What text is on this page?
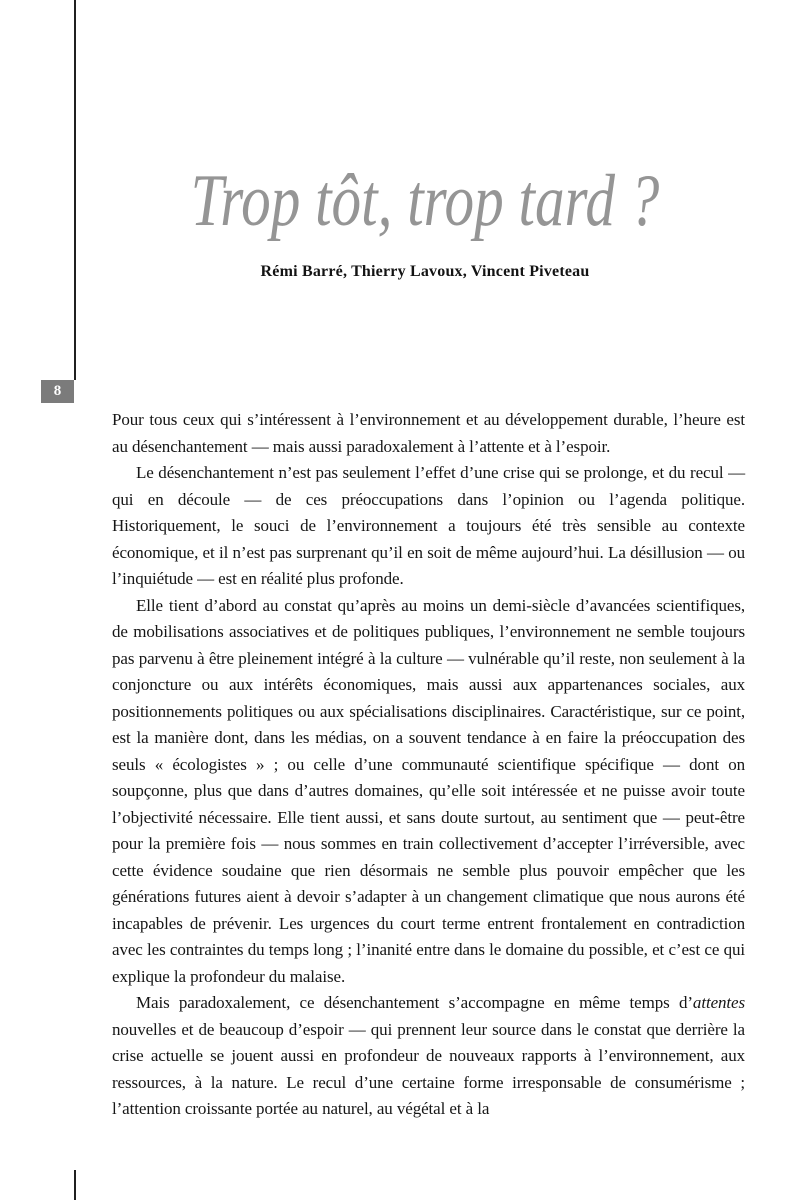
8
Trop tôt, trop tard ?
Rémi Barré, Thierry Lavoux, Vincent Piveteau

Pour tous ceux qui s’intéressent à l’environnement et au développement durable, l’heure est au désenchantement — mais aussi paradoxalement à l’attente et à l’espoir.

Le désenchantement n’est pas seulement l’effet d’une crise qui se prolonge, et du recul — qui en découle — de ces préoccupations dans l’opinion ou l’agenda politique. Historiquement, le souci de l’environnement a toujours été très sensible au contexte économique, et il n’est pas surprenant qu’il en soit de même aujourd’hui. La désillusion — ou l’inquiétude — est en réalité plus profonde.

Elle tient d’abord au constat qu’après au moins un demi-siècle d’avancées scientifiques, de mobilisations associatives et de politiques publiques, l’environnement ne semble toujours pas parvenu à être pleinement intégré à la culture — vulnérable qu’il reste, non seulement à la conjoncture ou aux intérêts économiques, mais aussi aux appartenances sociales, aux positionnements politiques ou aux spécialisations disciplinaires. Caractéristique, sur ce point, est la manière dont, dans les médias, on a souvent tendance à en faire la préoccupation des seuls « écologistes » ; ou celle d’une communauté scientifique spécifique — dont on soupçonne, plus que dans d’autres domaines, qu’elle soit intéressée et ne puisse avoir toute l’objectivité nécessaire. Elle tient aussi, et sans doute surtout, au sentiment que — peut-être pour la première fois — nous sommes en train collectivement d’accepter l’irréversible, avec cette évidence soudaine que rien désormais ne semble plus pouvoir empêcher que les générations futures aient à devoir s’adapter à un changement climatique que nous aurons été incapables de prévenir. Les urgences du court terme entrent frontalement en contradiction avec les contraintes du temps long ; l’inanité entre dans le domaine du possible, et c’est ce qui explique la profondeur du malaise.

Mais paradoxalement, ce désenchantement s’accompagne en même temps d’attentes nouvelles et de beaucoup d’espoir — qui prennent leur source dans le constat que derrière la crise actuelle se jouent aussi en profondeur de nouveaux rapports à l’environnement, aux ressources, à la nature. Le recul d’une certaine forme irresponsable de consumérisme ; l’attention croissante portée au naturel, au végétal et à la
